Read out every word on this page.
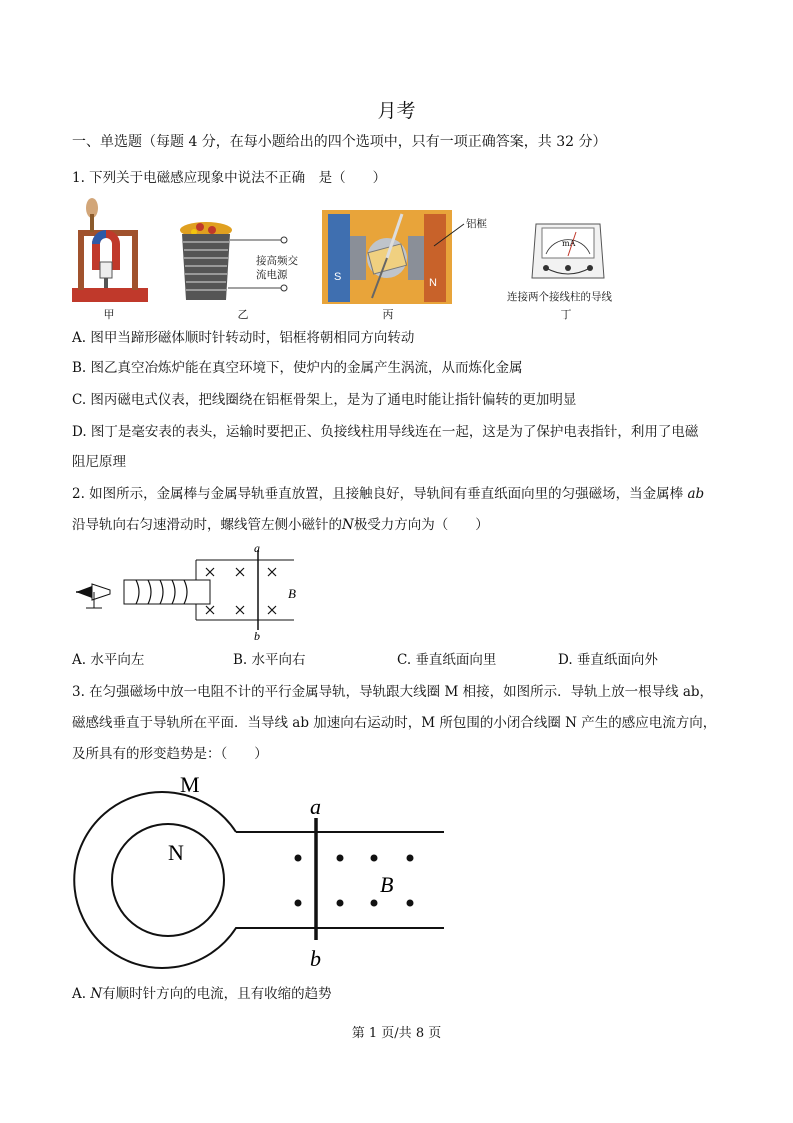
月考
一、单选题（每题 4 分，在每小题给出的四个选项中，只有一项正确答案，共 32 分）
1. 下列关于电磁感应现象中说法不正确　是（　　）
甲
接高频交
流电源
乙
S	N
铝框
丙
mA
连接两个接线柱的导线
丁
A. 图甲当蹄形磁体顺时针转动时，铝框将朝相同方向转动
B. 图乙真空冶炼炉能在真空环境下，使炉内的金属产生涡流，从而炼化金属
C. 图丙磁电式仪表，把线圈绕在铝框骨架上，是为了通电时能让指针偏转的更加明显
D. 图丁是毫安表的表头，运输时要把正、负接线柱用导线连在一起，这是为了保护电表指针，利用了电磁
阻尼原理
2. 如图所示，金属棒与金属导轨垂直放置，且接触良好，导轨间有垂直纸面向里的匀强磁场，当金属棒 ab
沿导轨向右匀速滑动时，螺线管左侧小磁针的N极受力方向为（　　）
a
b
B
A. 水平向左	B. 水平向右	C. 垂直纸面向里	D. 垂直纸面向外
3. 在匀强磁场中放一电阻不计的平行金属导轨，导轨跟大线圈 M 相接，如图所示．导轨上放一根导线 ab，
磁感线垂直于导轨所在平面．当导线 ab 加速向右运动时，M 所包围的小闭合线圈 N 产生的感应电流方向，
及所具有的形变趋势是：（　　）
M
N
a
b
B
A. N有顺时针方向的电流，且有收缩的趋势
第 1 页/共 8 页
